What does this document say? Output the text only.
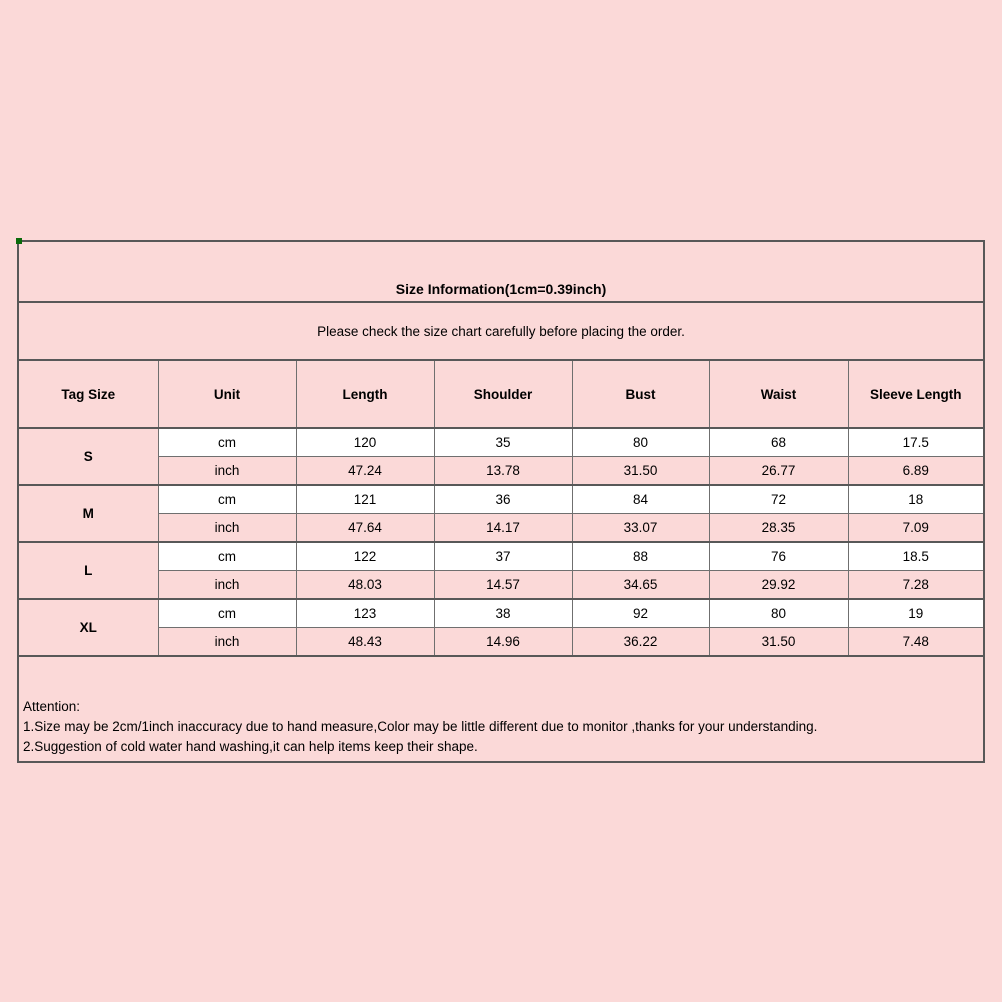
Size Information(1cm=0.39inch)						
Please check the size chart carefully before placing the order.						
Tag Size	Unit	Length	Shoulder	Bust	Waist	Sleeve Length
S	cm	120	35	80	68	17.5
	inch	47.24	13.78	31.50	26.77	6.89
M	cm	121	36	84	72	18
	inch	47.64	14.17	33.07	28.35	7.09
L	cm	122	37	88	76	18.5
	inch	48.03	14.57	34.65	29.92	7.28
XL	cm	123	38	92	80	19
	inch	48.43	14.96	36.22	31.50	7.48

Attention:
1.Size may be 2cm/1inch inaccuracy due to hand measure,Color may be little different due to monitor ,thanks for your understanding.
2.Suggestion of cold water hand washing,it can help items keep their shape.						
